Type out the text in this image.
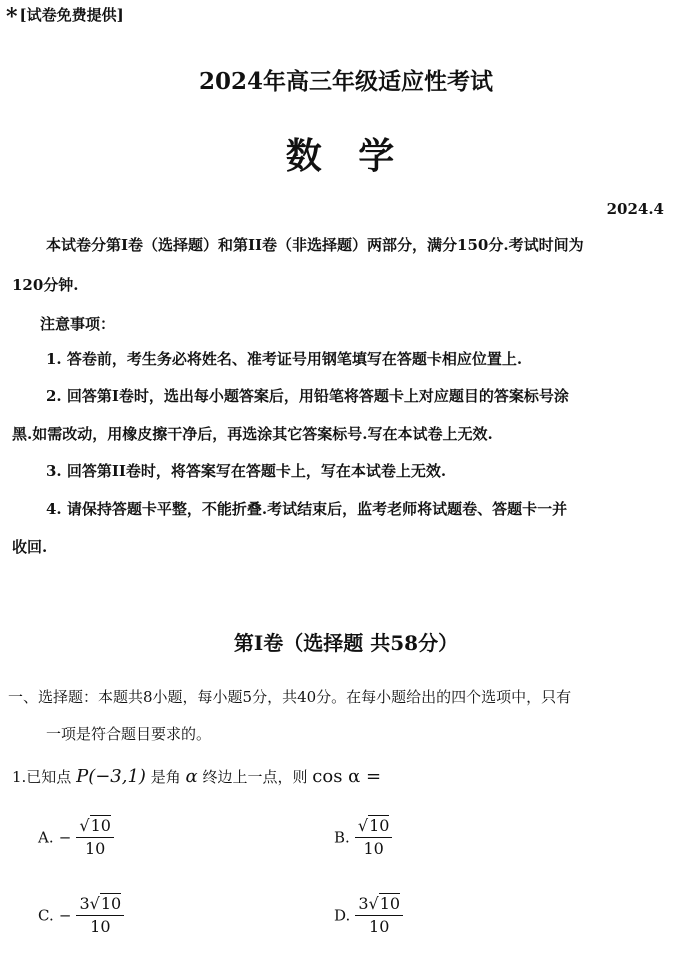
* [试卷免费提供]
2024年高三年级适应性考试
数 学
2024.4
本试卷分第I卷（选择题）和第II卷（非选择题）两部分，满分150分.考试时间为
120分钟.
注意事项：
1. 答卷前，考生务必将姓名、准考证号用钢笔填写在答题卡相应位置上.
2. 回答第I卷时，选出每小题答案后，用铅笔将答题卡上对应题目的答案标号涂
黑.如需改动，用橡皮擦干净后，再选涂其它答案标号.写在本试卷上无效.
3. 回答第II卷时，将答案写在答题卡上，写在本试卷上无效.
4. 请保持答题卡平整，不能折叠.考试结束后，监考老师将试题卷、答题卡一并
收回.
第I卷（选择题 共58分）
一、选择题：本题共8小题，每小题5分，共40分。在每小题给出的四个选项中，只有
一项是符合题目要求的。
1.已知点 P(−3,1) 是角 α 终边上一点，则 cos α =
A. − $\frac{√10}{10}$	B. $\frac{√10}{10}$
C. − $\frac{3√10}{10}$	D. $\frac{3√10}{10}$
